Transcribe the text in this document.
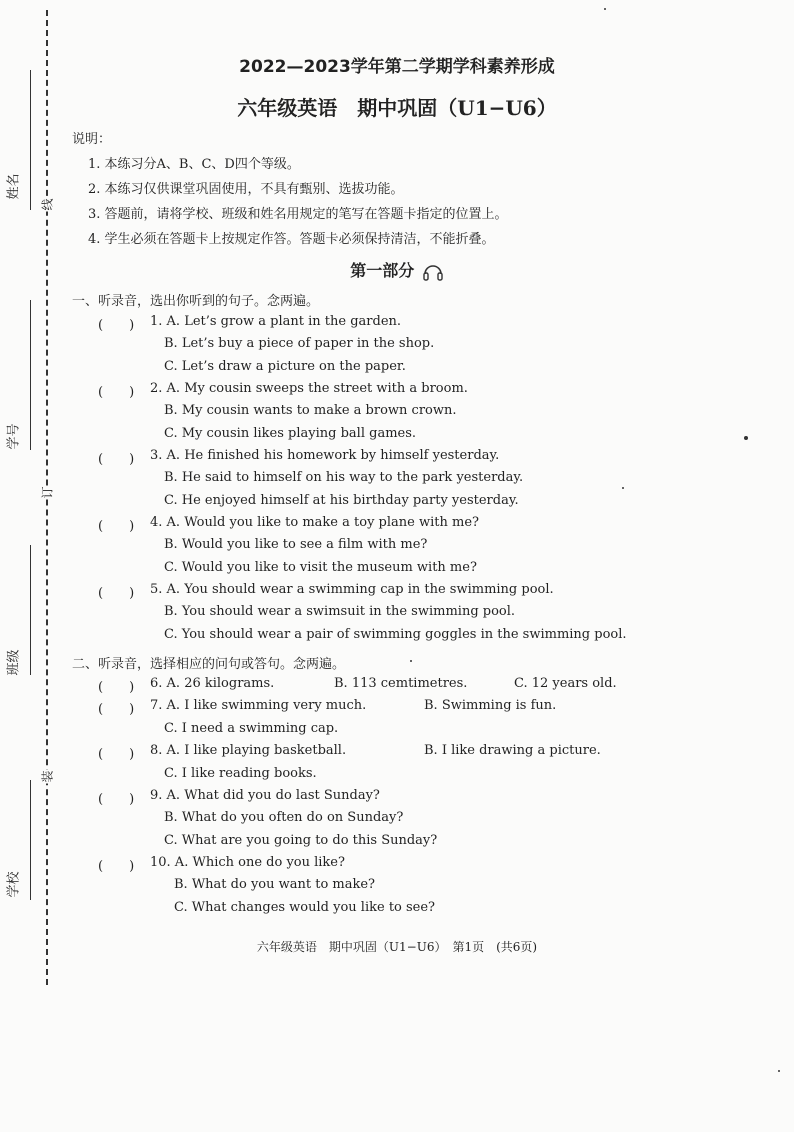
姓名
线
学号
订
班级
装
学校
2022—2023学年第二学期学科素养形成
六年级英语　期中巩固（U1−U6）
说明：
1. 本练习分A、B、C、D四个等级。
2. 本练习仅供课堂巩固使用，不具有甄别、选拔功能。
3. 答题前，请将学校、班级和姓名用规定的笔写在答题卡指定的位置上。
4. 学生必须在答题卡上按规定作答。答题卡必须保持清洁，不能折叠。
第一部分
一、听录音，选出你听到的句子。念两遍。
(　　) 1. A. Let’s grow a plant in the garden.
B. Let’s buy a piece of paper in the shop.
C. Let’s draw a picture on the paper.
(　　) 2. A. My cousin sweeps the street with a broom.
B. My cousin wants to make a brown crown.
C. My cousin likes playing ball games.
(　　) 3. A. He finished his homework by himself yesterday.
B. He said to himself on his way to the park yesterday.
C. He enjoyed himself at his birthday party yesterday.
(　　) 4. A. Would you like to make a toy plane with me?
B. Would you like to see a film with me?
C. Would you like to visit the museum with me?
(　　) 5. A. You should wear a swimming cap in the swimming pool.
B. You should wear a swimsuit in the swimming pool.
C. You should wear a pair of swimming goggles in the swimming pool.
二、听录音，选择相应的问句或答句。念两遍。
(　　) 6. A. 26 kilograms.	B. 113 cemtimetres.	C. 12 years old.
(　　) 7. A. I like swimming very much.	B. Swimming is fun.
C. I need a swimming cap.
(　　) 8. A. I like playing basketball.	B. I like drawing a picture.
C. I like reading books.
(　　) 9. A. What did you do last Sunday?
B. What do you often do on Sunday?
C. What are you going to do this Sunday?
(　　) 10. A. Which one do you like?
B. What do you want to make?
C. What changes would you like to see?
六年级英语　期中巩固（U1−U6）　第1页　(共6页)
